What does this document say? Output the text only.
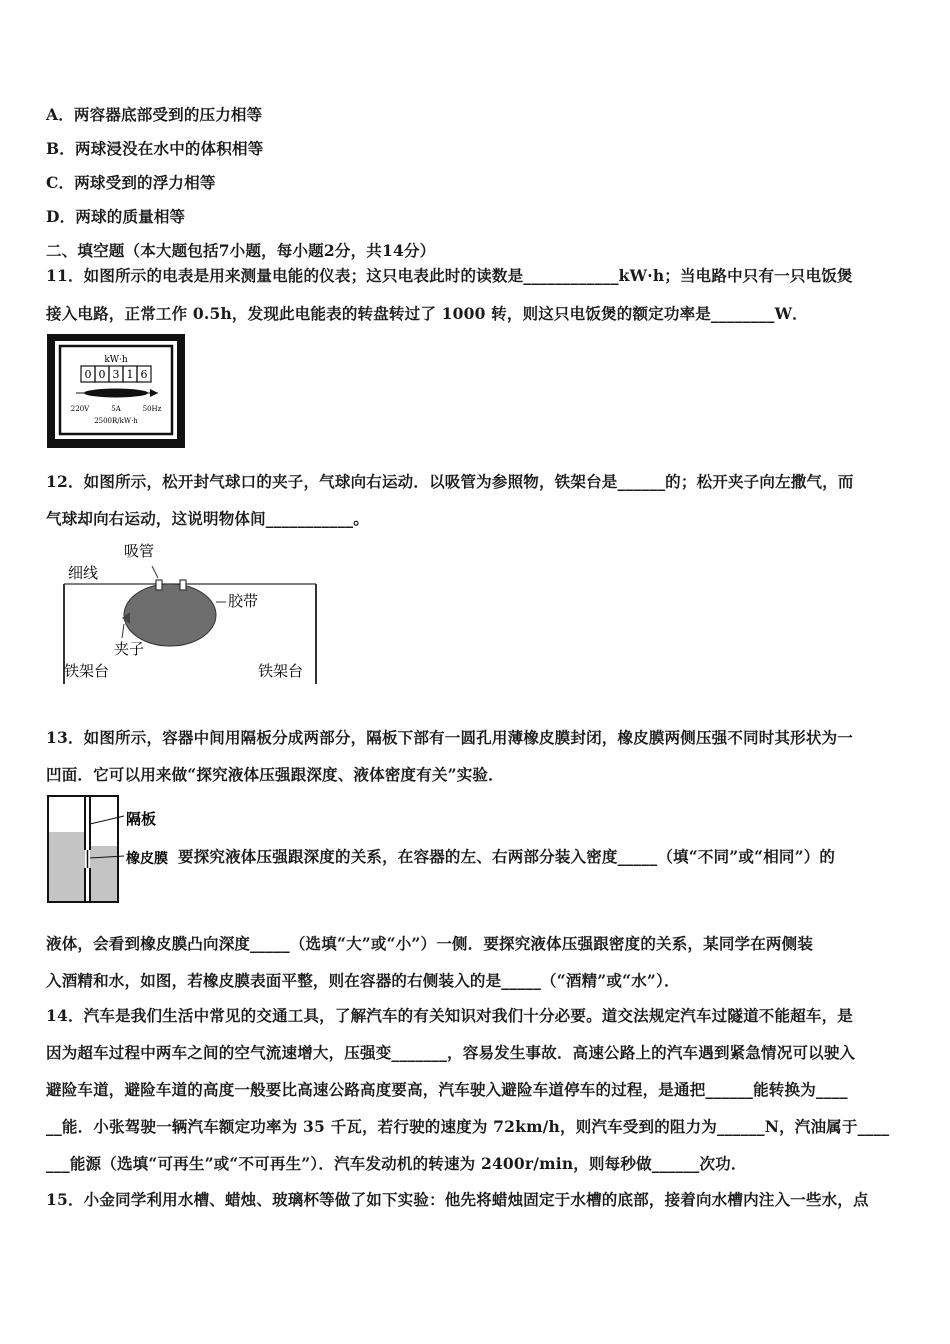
A．两容器底部受到的压力相等
B．两球浸没在水中的体积相等
C．两球受到的浮力相等
D．两球的质量相等
二、填空题（本大题包括7小题，每小题2分，共14分）
11．如图所示的电表是用来测量电能的仪表；这只电表此时的读数是____________kW·h；当电路中只有一只电饭煲
接入电路，正常工作 0.5h，发现此电能表的转盘转过了 1000 转，则这只电饭煲的额定功率是________W．
kW·h
0 0 3 1 6
220V	5A	50Hz
2500R/kW·h
12．如图所示，松开封气球口的夹子，气球向右运动．以吸管为参照物，铁架台是______的；松开夹子向左撒气，而
气球却向右运动，这说明物体间___________。
吸管
细线
胶带
夹子
铁架台	铁架台
13．如图所示，容器中间用隔板分成两部分，隔板下部有一圆孔用薄橡皮膜封闭，橡皮膜两侧压强不同时其形状为一
凹面．它可以用来做“探究液体压强跟深度、液体密度有关”实验．
隔板
橡皮膜 要探究液体压强跟深度的关系，在容器的左、右两部分装入密度_____（填“不同”或“相同”）的
液体，会看到橡皮膜凸向深度_____（选填“大”或“小”）一侧．要探究液体压强跟密度的关系，某同学在两侧装
入酒精和水，如图，若橡皮膜表面平整，则在容器的右侧装入的是_____（“酒精”或“水”）．
14．汽车是我们生活中常见的交通工具，了解汽车的有关知识对我们十分必要。道交法规定汽车过隧道不能超车，是
因为超车过程中两车之间的空气流速增大，压强变_______，容易发生事故．高速公路上的汽车遇到紧急情况可以驶入
避险车道，避险车道的高度一般要比高速公路高度要高，汽车驶入避险车道停车的过程，是通把______能转换为____
__能．小张驾驶一辆汽车额定功率为 35 千瓦，若行驶的速度为 72km/h，则汽车受到的阻力为______N，汽油属于____
___能源（选填“可再生”或“不可再生”）．汽车发动机的转速为 2400r/min，则每秒做______次功．
15．小金同学利用水槽、蜡烛、玻璃杯等做了如下实验：他先将蜡烛固定于水槽的底部，接着向水槽内注入一些水，点
